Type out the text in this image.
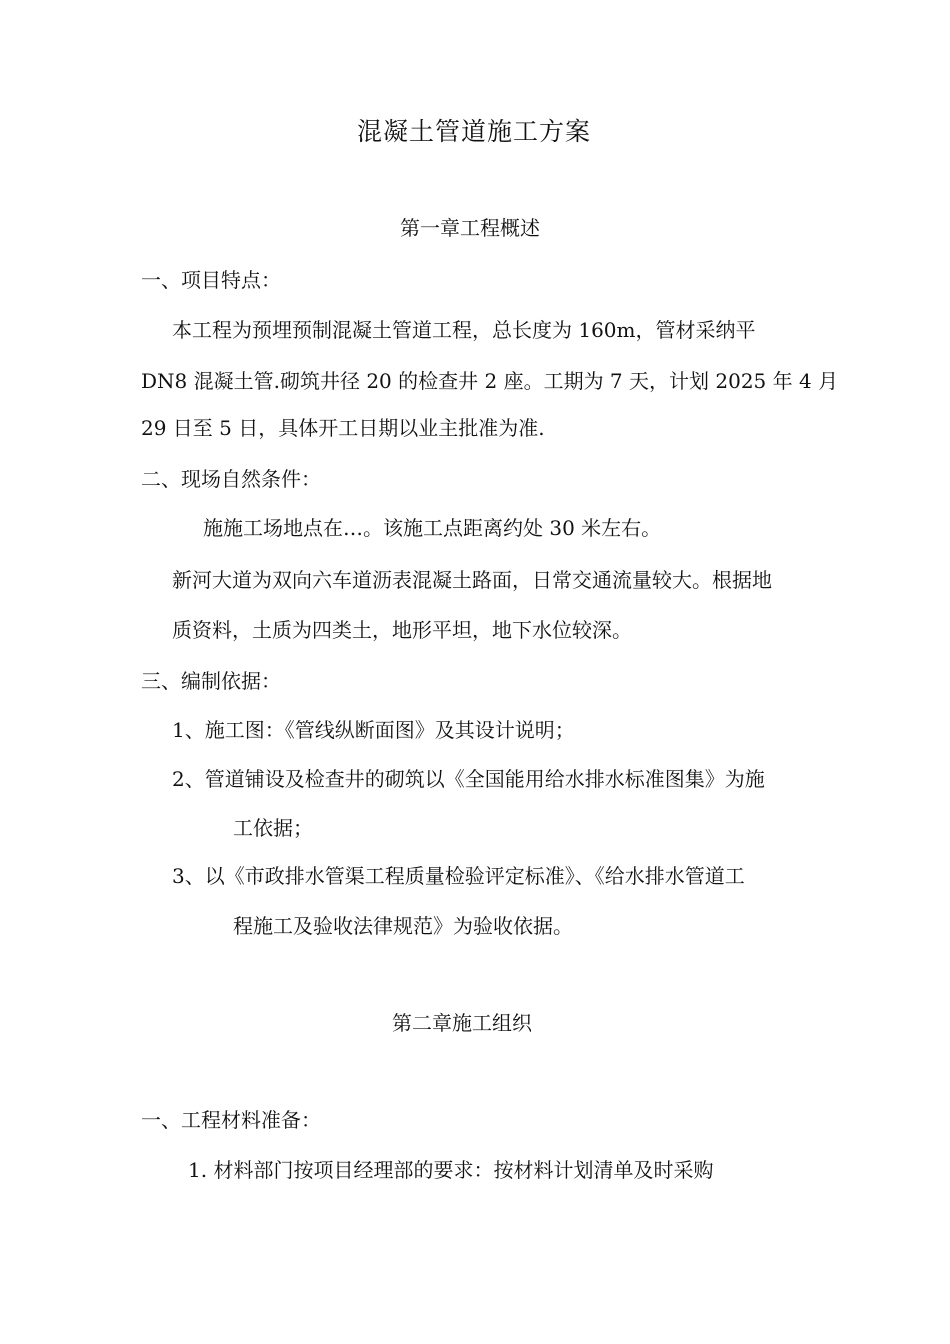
混凝土管道施工方案
第一章工程概述
一、项目特点：
本工程为预埋预制混凝土管道工程，总长度为 160m，管材采纳平
DN8 混凝土管.砌筑井径 20 的检查井 2 座。工期为 7 天，计划 2025 年 4 月
29 日至 5 日，具体开工日期以业主批准为准.
二、现场自然条件：
施施工场地点在…。该施工点距离约处 30 米左右。
新河大道为双向六车道沥表混凝土路面，日常交通流量较大。根据地
质资料，土质为四类土，地形平坦，地下水位较深。
三、编制依据：
1、施工图：《管线纵断面图》及其设计说明；
2、管道铺设及检查井的砌筑以《全国能用给水排水标准图集》为施
工依据；
3、以《市政排水管渠工程质量检验评定标准》、《给水排水管道工
程施工及验收法律规范》为验收依据。
第二章施工组织
一、工程材料准备：
1. 材料部门按项目经理部的要求：按材料计划清单及时采购
